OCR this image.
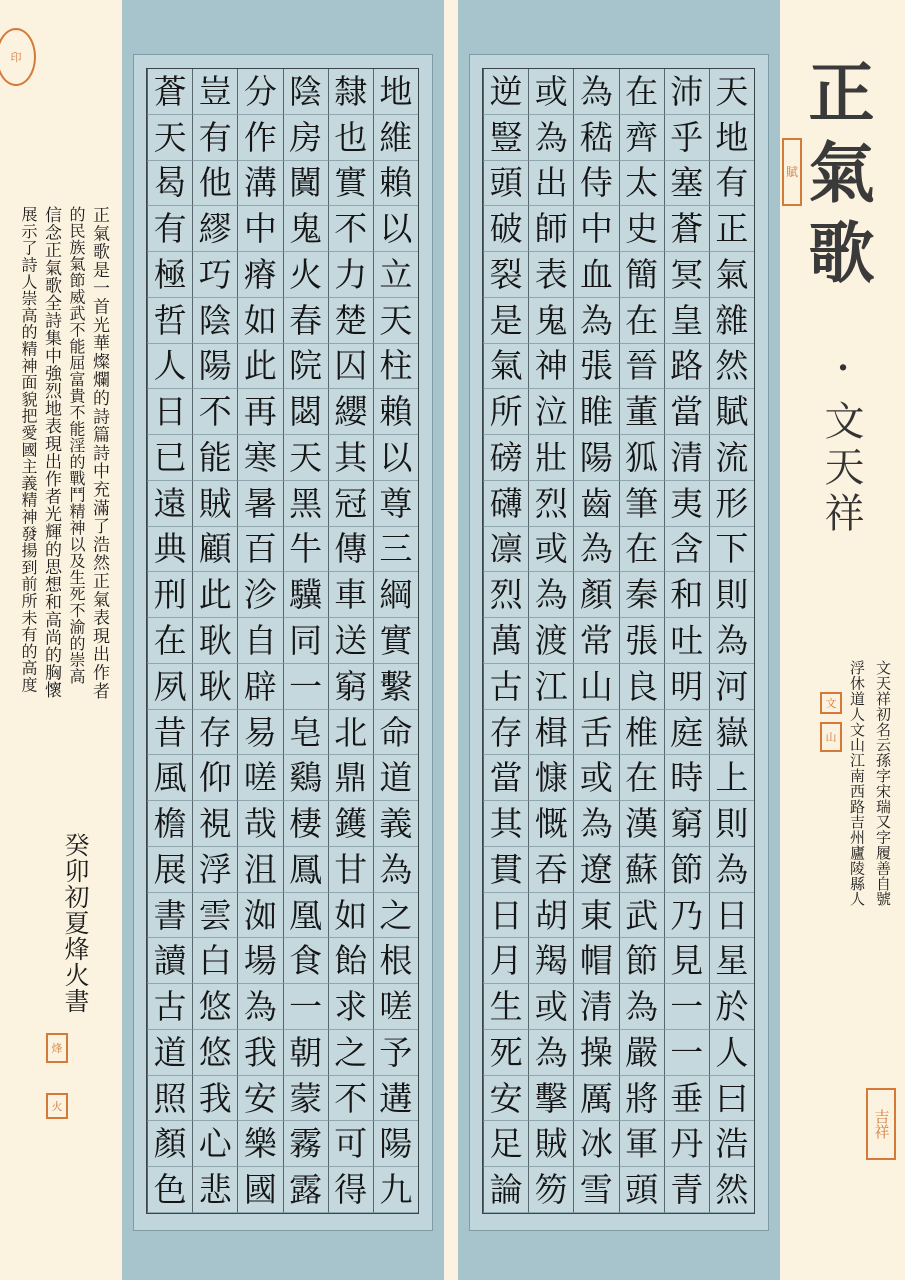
印
正氣歌是一首光華燦爛的詩篇詩中充滿了浩然正氣表現出作者
的民族氣節威武不能屈富貴不能淫的戰鬥精神以及生死不渝的崇高
信念正氣歌全詩集中強烈地表現出作者光輝的思想和高尚的胸懷
展示了詩人崇高的精神面貌把愛國主義精神發揚到前所未有的高度
癸卯初夏烽火書
烽
火
地
維
賴
以
立
天
柱
賴
以
尊
三
綱
實
繫
命
道
義
為
之
根
嗟
予
遘
陽
九
隸
也
實
不
力
楚
囚
纓
其
冠
傳
車
送
窮
北
鼎
鑊
甘
如
飴
求
之
不
可
得
陰
房
闐
鬼
火
春
院
閟
天
黑
牛
驥
同
一
皂
鷄
棲
鳳
凰
食
一
朝
蒙
霧
露
分
作
溝
中
瘠
如
此
再
寒
暑
百
沴
自
辟
易
嗟
哉
沮
洳
場
為
我
安
樂
國
豈
有
他
繆
巧
陰
陽
不
能
賊
顧
此
耿
耿
存
仰
視
浮
雲
白
悠
悠
我
心
悲
蒼
天
曷
有
極
哲
人
日
已
遠
典
刑
在
夙
昔
風
檐
展
書
讀
古
道
照
顏
色
天
地
有
正
氣
雜
然
賦
流
形
下
則
為
河
嶽
上
則
為
日
星
於
人
曰
浩
然
沛
乎
塞
蒼
冥
皇
路
當
清
夷
含
和
吐
明
庭
時
窮
節
乃
見
一
一
垂
丹
青
在
齊
太
史
簡
在
晉
董
狐
筆
在
秦
張
良
椎
在
漢
蘇
武
節
為
嚴
將
軍
頭
為
嵇
侍
中
血
為
張
睢
陽
齒
為
顏
常
山
舌
或
為
遼
東
帽
清
操
厲
冰
雪
或
為
出
師
表
鬼
神
泣
壯
烈
或
為
渡
江
楫
慷
慨
吞
胡
羯
或
為
擊
賊
笏
逆
豎
頭
破
裂
是
氣
所
磅
礴
凛
烈
萬
古
存
當
其
貫
日
月
生
死
安
足
論
正氣歌
·
文天祥
賦
文天祥初名云孫字宋瑞又字履善自號
浮休道人文山江南西路吉州廬陵縣人
文
山
吉祥
